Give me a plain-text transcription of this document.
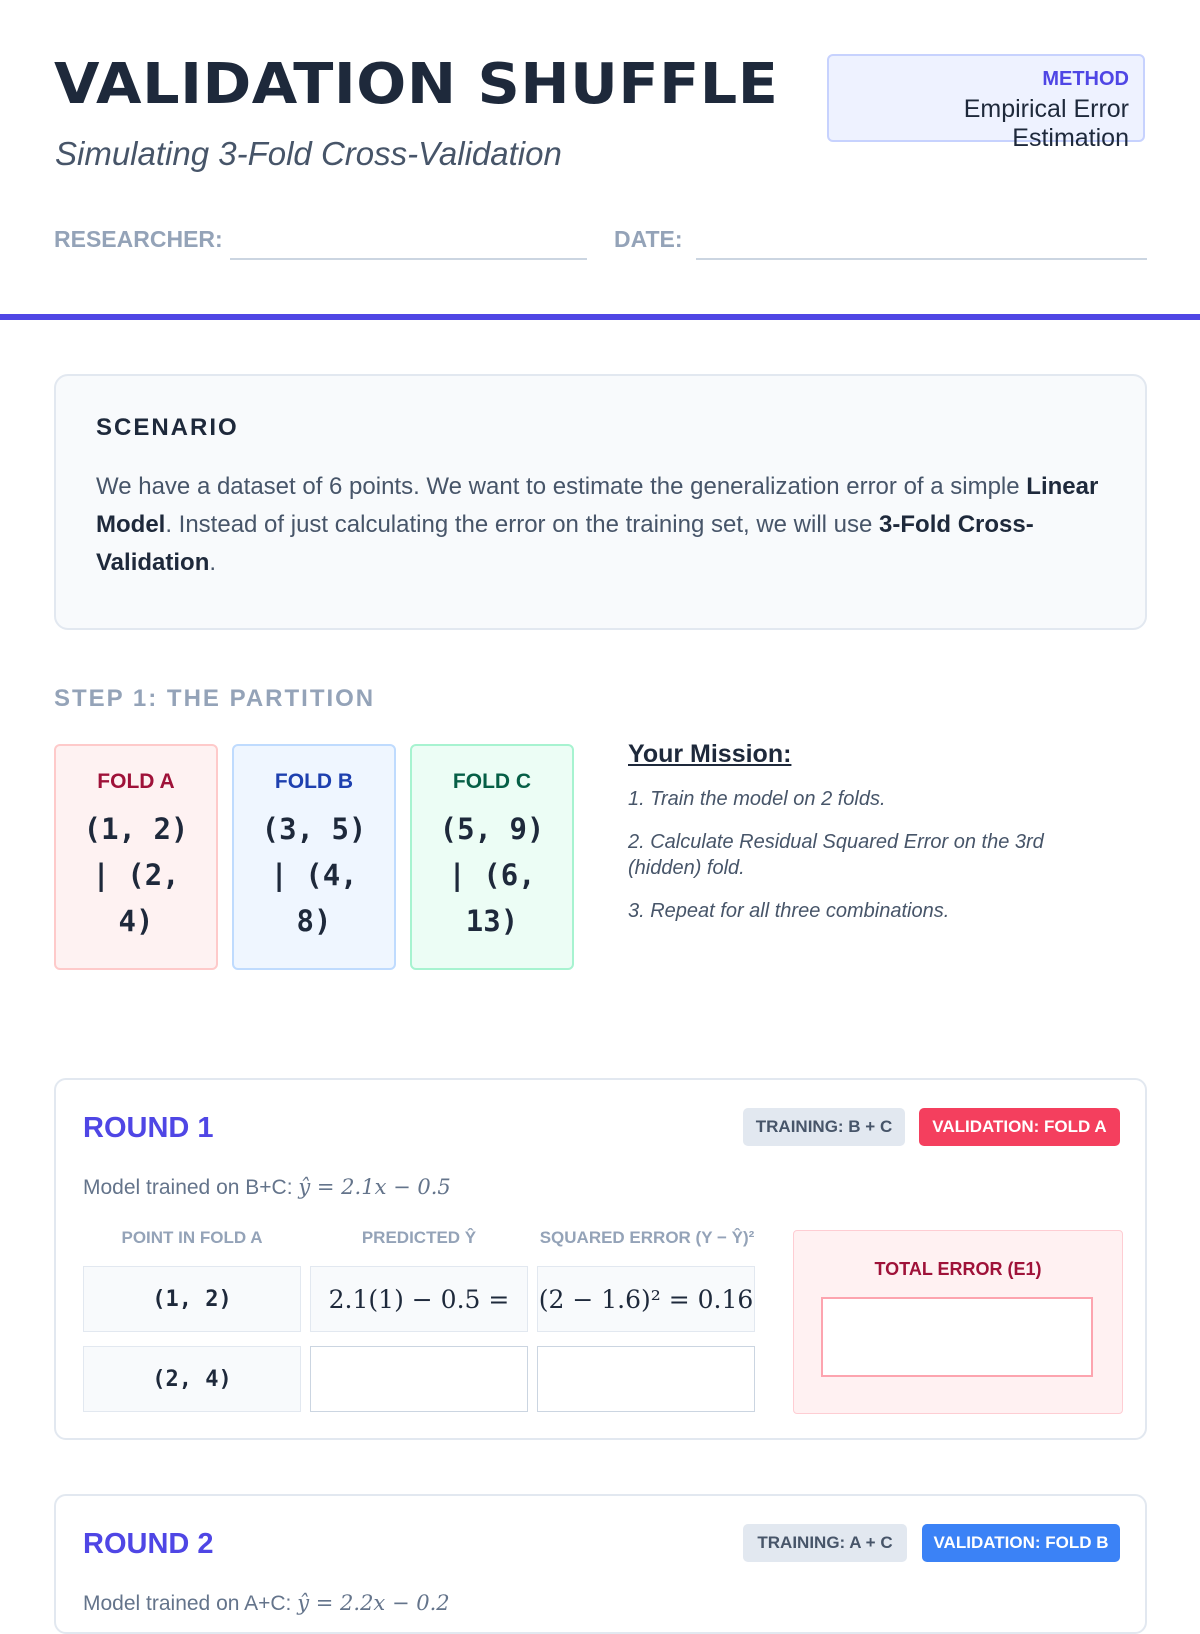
VALIDATION SHUFFLE
Simulating 3-Fold Cross-Validation
METHOD
Empirical Error Estimation
RESEARCHER:	DATE:
SCENARIO
We have a dataset of 6 points. We want to estimate the generalization error of a simple Linear Model. Instead of just calculating the error on the training set, we will use 3-Fold Cross-Validation.
STEP 1: THE PARTITION
FOLD A
(1, 2) | (2, 4)
FOLD B
(3, 5) | (4, 8)
FOLD C
(5, 9) | (6, 13)
Your Mission:
1. Train the model on 2 folds.
2. Calculate Residual Squared Error on the 3rd (hidden) fold.
3. Repeat for all three combinations.
ROUND 1	TRAINING: B + C	VALIDATION: FOLD A
Model trained on B+C: ŷ = 2.1x − 0.5
POINT IN FOLD A	PREDICTED Ŷ	SQUARED ERROR (Y − Ŷ)²
(1, 2)	2.1(1) − 0.5 =	(2 − 1.6)² = 0.16
(2, 4)
TOTAL ERROR (E1)
ROUND 2	TRAINING: A + C	VALIDATION: FOLD B
Model trained on A+C: ŷ = 2.2x − 0.2
